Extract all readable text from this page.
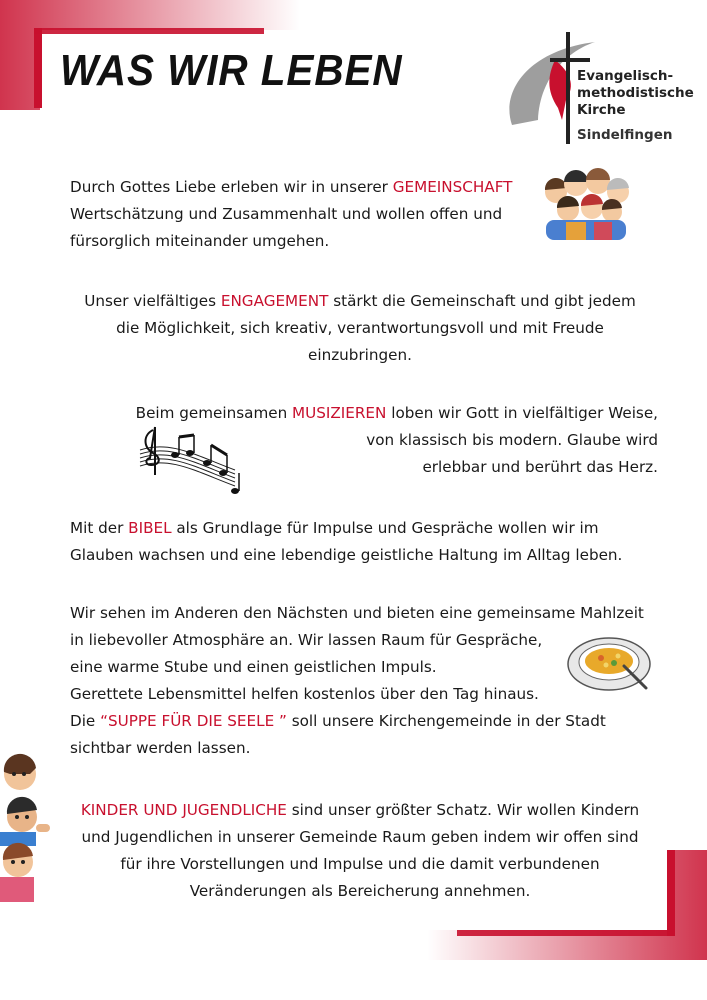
WAS WIR LEBEN	Evangelisch-
methodistische
Kirche
Sindelfingen
Durch Gottes Liebe erleben wir in unserer GEMEINSCHAFT
Wertschätzung und Zusammenhalt und wollen offen und
fürsorglich miteinander umgehen.
Unser vielfältiges ENGAGEMENT stärkt die Gemeinschaft und gibt jedem
die Möglichkeit, sich kreativ, verantwortungsvoll und mit Freude
einzubringen.
Beim gemeinsamen MUSIZIEREN loben wir Gott in vielfältiger Weise,
von klassisch bis modern. Glaube wird
erlebbar und berührt das Herz.
Mit der BIBEL als Grundlage für Impulse und Gespräche wollen wir im
Glauben wachsen und eine lebendige geistliche Haltung im Alltag leben.
Wir sehen im Anderen den Nächsten und bieten eine gemeinsame Mahlzeit
in liebevoller Atmosphäre an. Wir lassen Raum für Gespräche,
eine warme Stube und einen geistlichen Impuls.
Gerettete Lebensmittel helfen kostenlos über den Tag hinaus.
Die “SUPPE FÜR DIE SEELE ” soll unsere Kirchengemeinde in der Stadt
sichtbar werden lassen.
KINDER UND JUGENDLICHE sind unser größter Schatz. Wir wollen Kindern
und Jugendlichen in unserer Gemeinde Raum geben indem wir offen sind
für ihre Vorstellungen und Impulse und die damit verbundenen
Veränderungen als Bereicherung annehmen.
